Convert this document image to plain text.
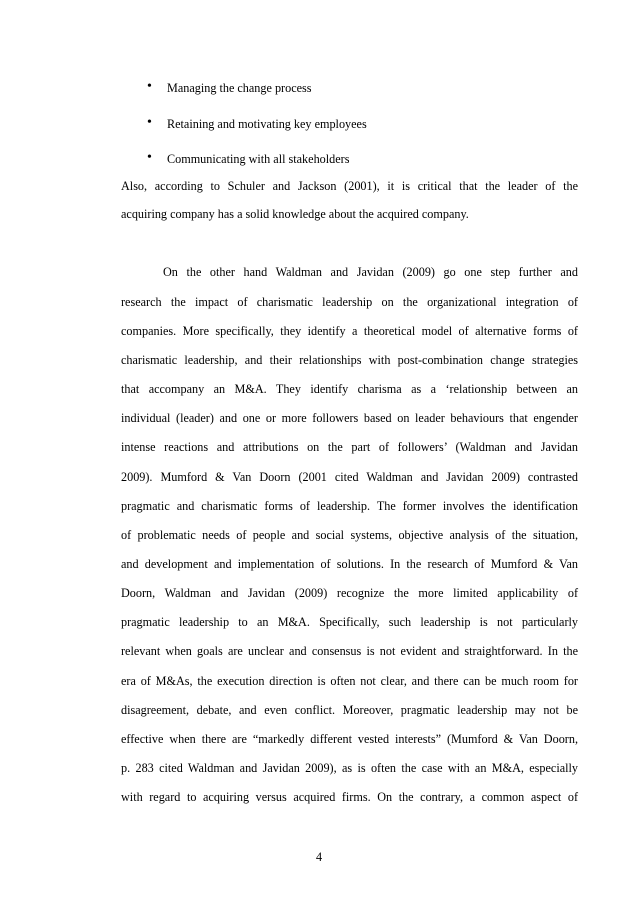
• Managing the change process
• Retaining and motivating key employees
• Communicating with all stakeholders
Also, according to Schuler and Jackson (2001), it is critical that the leader of the
acquiring company has a solid knowledge about the acquired company.
On the other hand Waldman and Javidan (2009) go one step further and
research the impact of charismatic leadership on the organizational integration of
companies. More specifically, they identify a theoretical model of alternative forms of
charismatic leadership, and their relationships with post-combination change strategies
that accompany an M&A. They identify charisma as a ‘relationship between an
individual (leader) and one or more followers based on leader behaviours that engender
intense reactions and attributions on the part of followers’ (Waldman and Javidan
2009). Mumford & Van Doorn (2001 cited Waldman and Javidan 2009) contrasted
pragmatic and charismatic forms of leadership. The former involves the identification
of problematic needs of people and social systems, objective analysis of the situation,
and development and implementation of solutions. In the research of Mumford & Van
Doorn, Waldman and Javidan (2009) recognize the more limited applicability of
pragmatic leadership to an M&A. Specifically, such leadership is not particularly
relevant when goals are unclear and consensus is not evident and straightforward. In the
era of M&As, the execution direction is often not clear, and there can be much room for
disagreement, debate, and even conflict. Moreover, pragmatic leadership may not be
effective when there are “markedly different vested interests” (Mumford & Van Doorn,
p. 283 cited Waldman and Javidan 2009), as is often the case with an M&A, especially
with regard to acquiring versus acquired firms. On the contrary, a common aspect of
4
